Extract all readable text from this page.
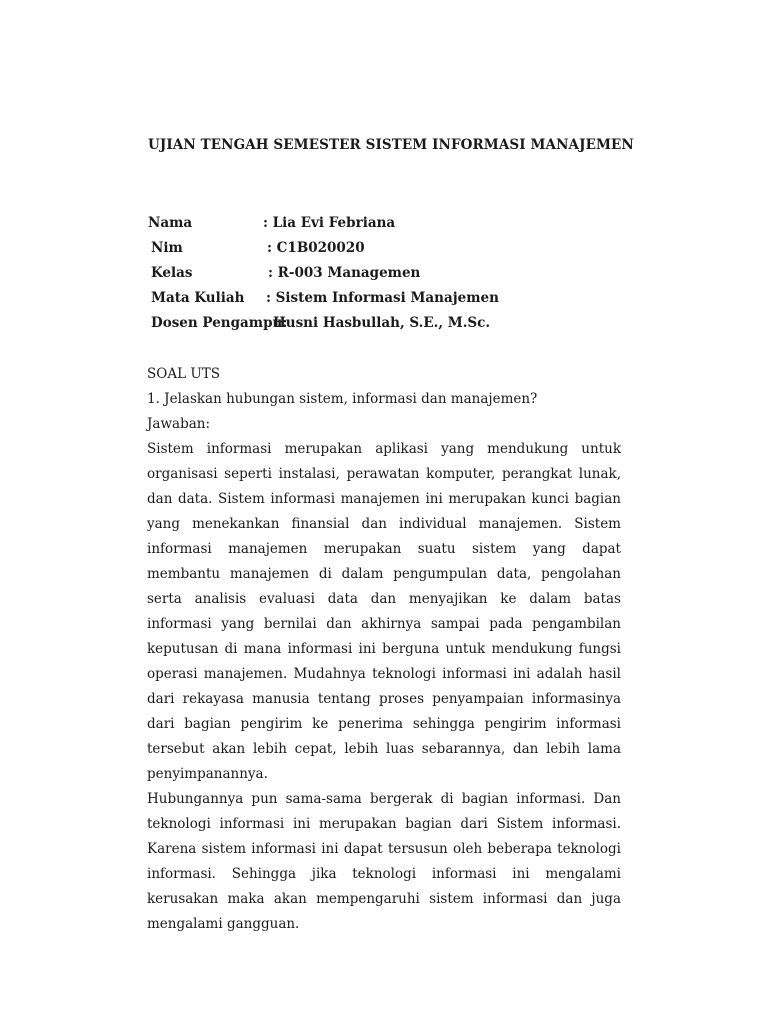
UJIAN TENGAH SEMESTER SISTEM INFORMASI MANAJEMEN
Nama	: Lia Evi Febriana
Nim	: C1B020020
Kelas	: R-003 Managemen
Mata Kuliah : Sistem Informasi Manajemen
Dosen Pengampu:
Husni Hasbullah, S.E., M.Sc.
SOAL UTS
1. Jelaskan hubungan sistem, informasi dan manajemen?
Jawaban:

Sistem informasi merupakan aplikasi yang mendukung untuk organisasi seperti instalasi, perawatan komputer, perangkat lunak, dan data. Sistem informasi manajemen ini merupakan kunci bagian yang menekankan finansial dan individual manajemen. Sistem informasi manajemen merupakan suatu sistem yang dapat membantu manajemen di dalam pengumpulan data, pengolahan serta analisis evaluasi data dan menyajikan ke dalam batas informasi yang bernilai dan akhirnya sampai pada pengambilan keputusan di mana informasi ini berguna untuk mendukung fungsi operasi manajemen. Mudahnya teknologi informasi ini adalah hasil dari rekayasa manusia tentang proses penyampaian informasinya dari bagian pengirim ke penerima sehingga pengirim informasi tersebut akan lebih cepat, lebih luas sebarannya, dan lebih lama penyimpanannya.

Hubungannya pun sama-sama bergerak di bagian informasi. Dan teknologi informasi ini merupakan bagian dari Sistem informasi. Karena sistem informasi ini dapat tersusun oleh beberapa teknologi informasi. Sehingga jika teknologi informasi ini mengalami kerusakan maka akan mempengaruhi sistem informasi dan juga mengalami gangguan.
